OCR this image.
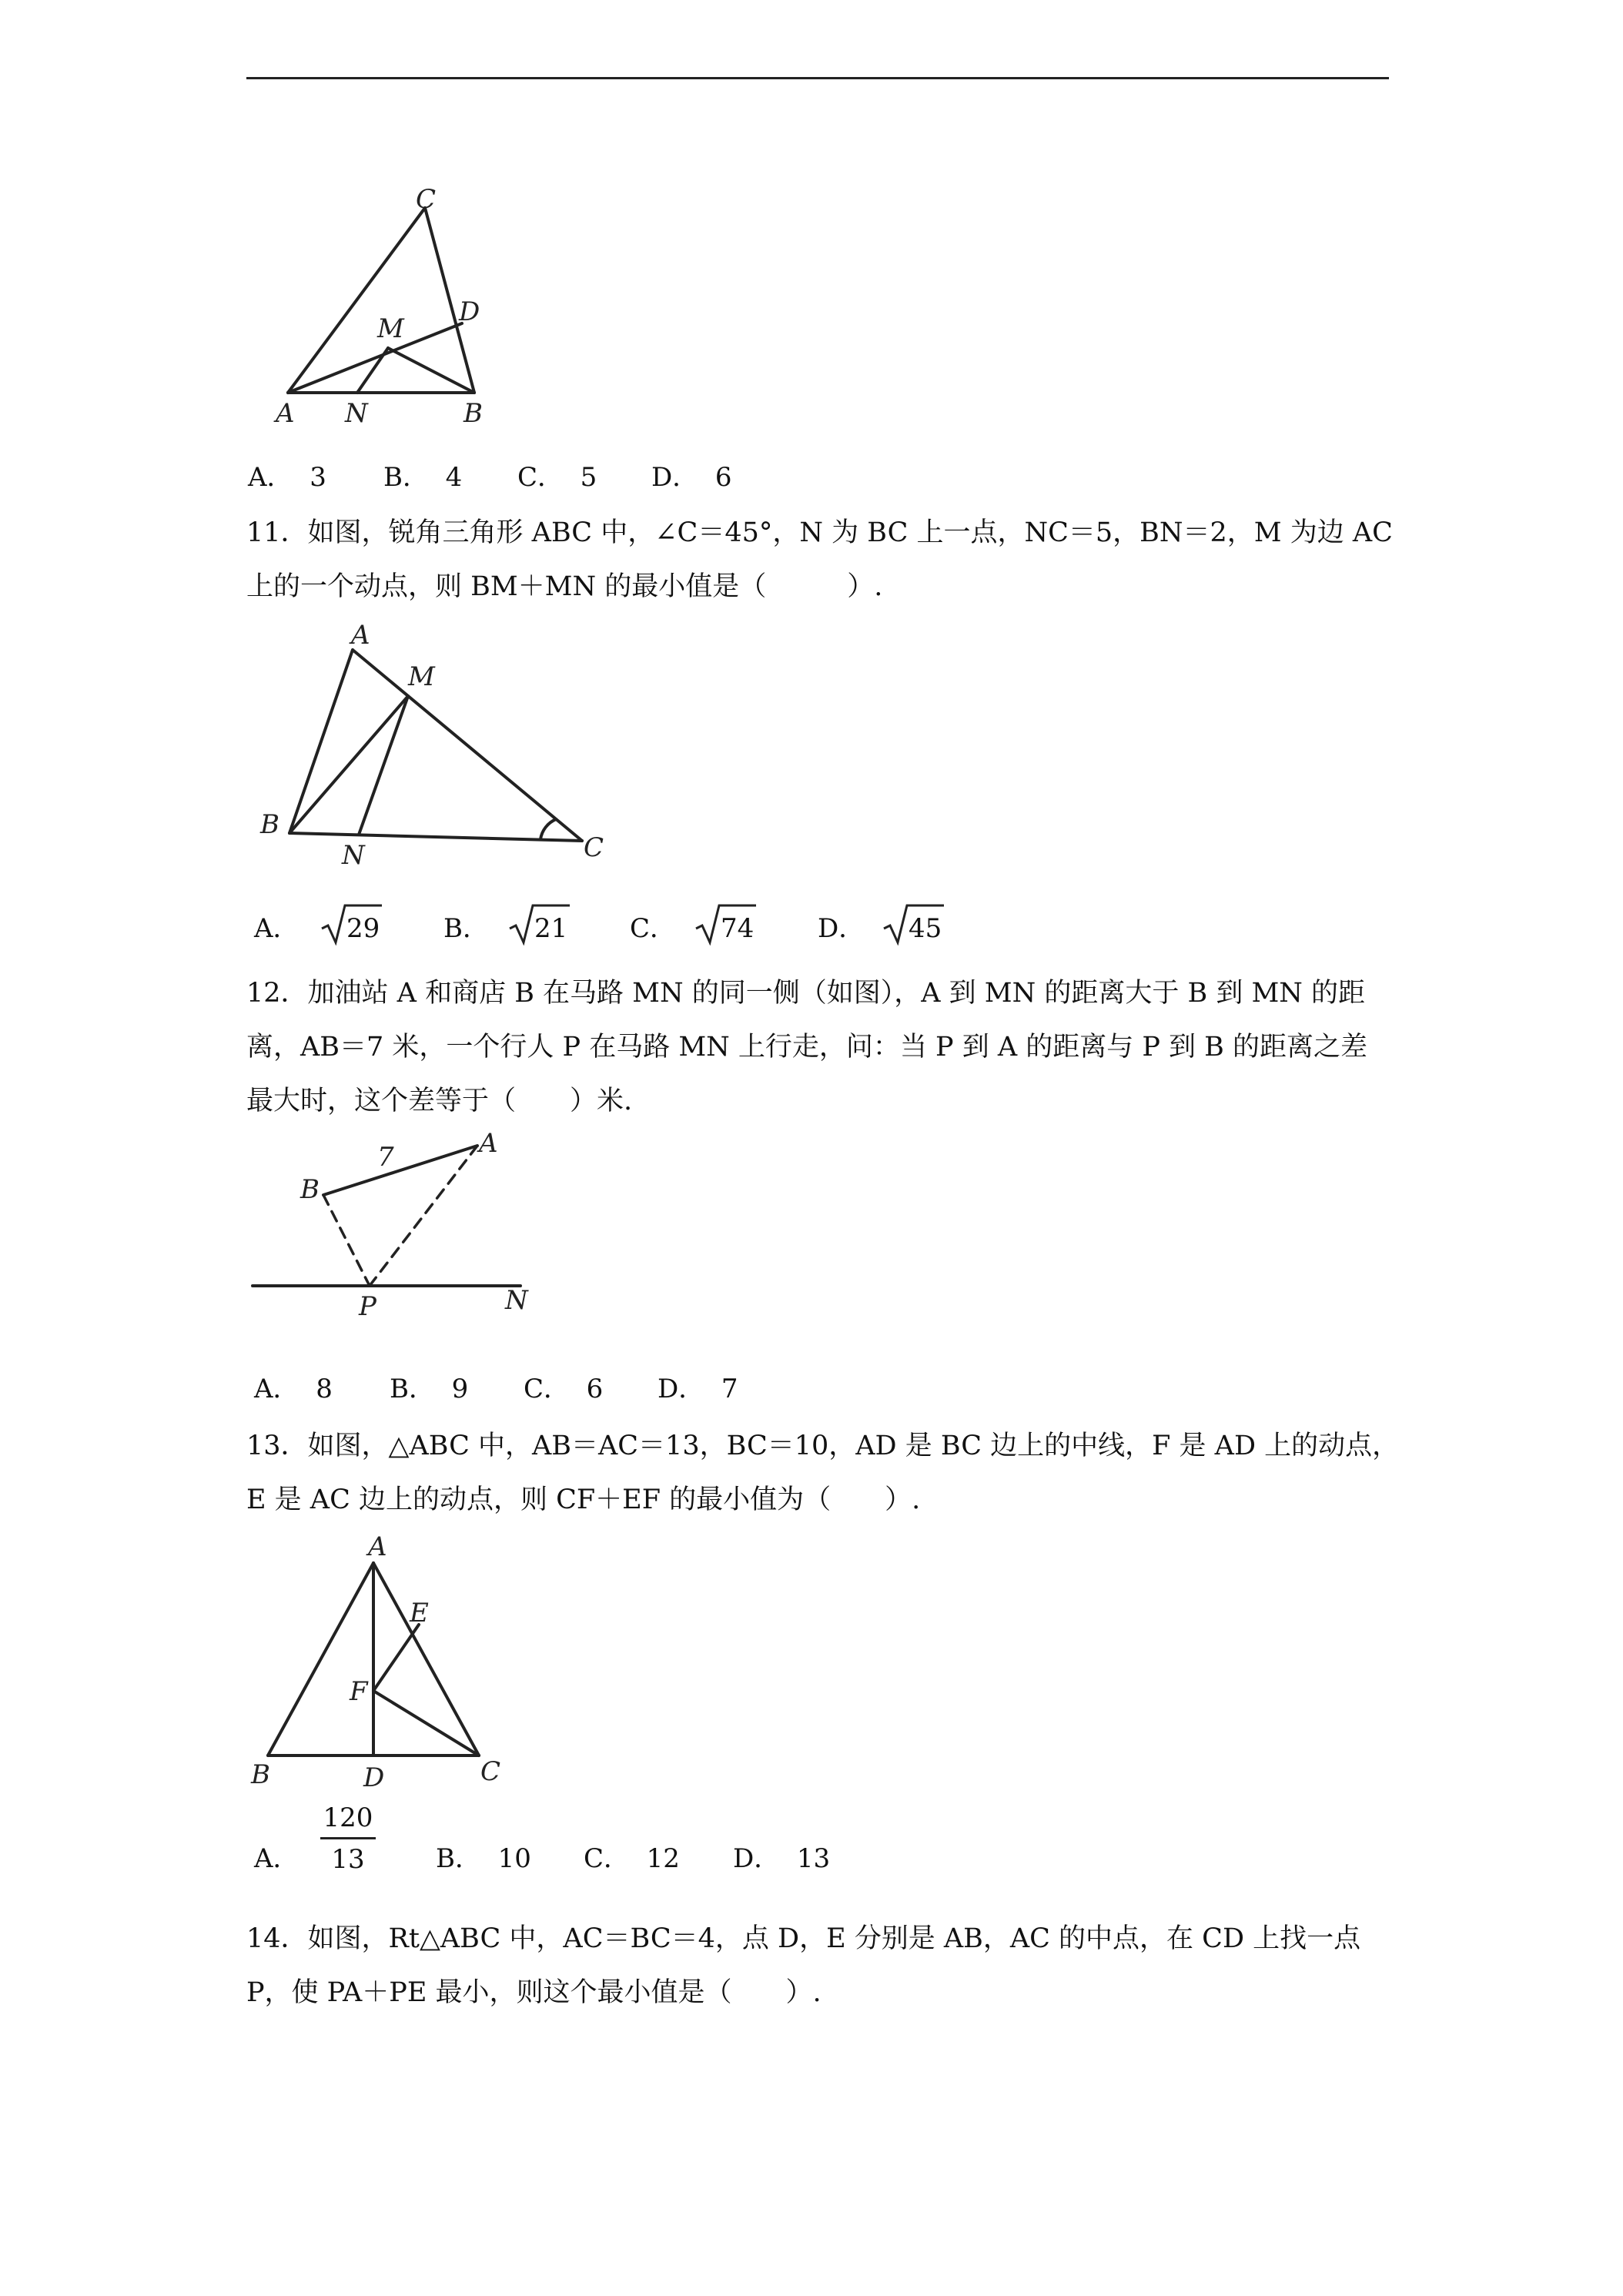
C
D
M
A N	B
A． 3 B． 4 C． 5 D． 6
11．如图，锐角三角形 ABC 中，∠C＝45°，N 为 BC 上一点，NC＝5，BN＝2，M 为边 AC
上的一个动点，则 BM＋MN 的最小值是（　　　）.
A
M
B
N	C
A． 29 B． 21 C． 74 D． 45
12．加油站 A 和商店 B 在马路 MN 的同一侧（如图），A 到 MN 的距离大于 B 到 MN 的距
离，AB＝7 米，一个行人 P 在马路 MN 上行走，问：当 P 到 A 的距离与 P 到 B 的距离之差
最大时，这个差等于（　　）米.
7	A
B
P	N
A． 8 B． 9 C． 6 D． 7
13．如图，△ABC 中，AB＝AC＝13，BC＝10，AD 是 BC 边上的中线，F 是 AD 上的动点，
E 是 AC 边上的动点，则 CF＋EF 的最小值为（　　）.
A
E
F
B	D	C
A． $\frac{120}{13}$ B． 10 C． 12 D． 13
14．如图，Rt△ABC 中，AC＝BC＝4，点 D，E 分别是 AB，AC 的中点，在 CD 上找一点
P，使 PA＋PE 最小，则这个最小值是（　　）.
